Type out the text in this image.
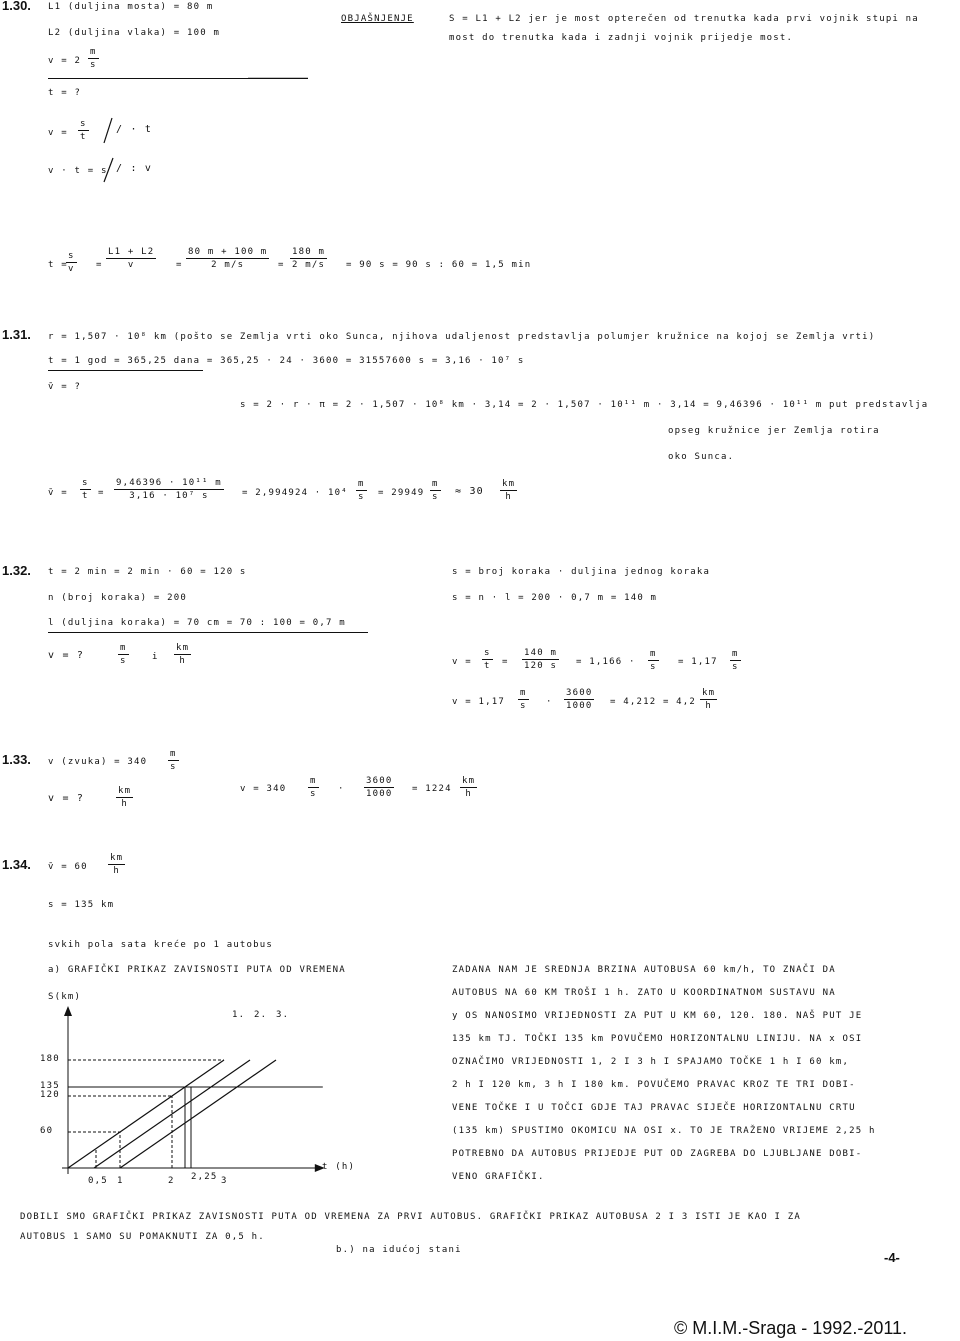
1.30. L1 (duljina mosta) = 80 m
L2 (duljina vlaka) = 100 m
$v = 2 \frac{m}{s}$
t = ?
OBJAŠNJENJE	S = L1 + L2 jer je most opterečen od trenutka kada prvi vojnik stupi na
most do trenutka kada i zadnji vojnik prijedje most.
$v = \frac{s}{t}$	/ · t
v · t = s / : v
t =
$\frac{s}{v} = \frac{L1 + L2}{v} = \frac{80 m + 100 m}{2 m/s} = \frac{180 m}{2 m/s} = 90$ s = 90 s : 60 = 1,5 min
1.31. r = 1,507 · 10⁸ km (pošto se Zemlja vrti oko Sunca, njihova udaljenost predstavlja polumjer kružnice na kojoj se Zemlja vrti)
t = 1 god = 365,25 dana = 365,25 · 24 · 3600 = 31557600 s = 3,16 · 10⁷ s
v̄ = ?
s = 2 · r · π = 2 · 1,507 · 10⁸ km · 3,14 = 2 · 1,507 · 10¹¹ m · 3,14 = 9,46396 · 10¹¹ m put predstavlja
opseg kružnice jer Zemlja rotira
oko Sunca.
v̄ = $\frac{s}{t} = \frac{\text{9,46396 · 10¹¹ m}}{\text{3,16 · 10⁷ s}} = 2,994924 \cdot 10^4 \frac{m}{s} = 29949 \frac{m}{s} \approx 30 \frac{km}{h}$
1.32. t = 2 min = 2 min · 60 = 120 s
n (broj koraka) = 200
l (duljina koraka) = 70 cm = 70 : 100 = 0,7 m
v = ?	$\frac{m}{s}$	i $\frac{km}{h}$
s = broj koraka · duljina jednog koraka
s = n · l = 200 · 0,7 m = 140 m
$v = \frac{s}{t} = \frac{140 m}{120 s} = 1,166 \cdot \frac{m}{s} = 1,17 \frac{m}{s}$
$v = 1,17 \frac{m}{s} \cdot \frac{3600}{1000} = 4,212 = 4,2 \frac{km}{h}$
1.33. v (zvuka) = $340 \frac{m}{s}$
v = ?	$\frac{km}{h}$	$v = 340 \frac{m}{s} \cdot \frac{3600}{1000} = 1224 \frac{km}{h}$
1.34. v̄ = $60 \frac{km}{h}$
s = 135 km
svkih pola sata kreće po 1 autobus
a) GRAFIČKI PRIKAZ ZAVISNOSTI PUTA OD VREMENA	ZADANA NAM JE SREDNJA BRZINA AUTOBUSA 60 km/h, TO ZNAČI DA
AUTOBUS NA 60 KM TROŠI 1 h. ZATO U KOORDINATNOM SUSTAVU NA
y OS NANOSIMO VRIJEDNOSTI ZA PUT U KM 60, 120. 180. NAŠ PUT JE
135 km TJ. TOČKI 135 km POVUČEMO HORIZONTALNU LINIJU. NA x OSI
OZNAČIMO VRIJEDNOSTI 1, 2 I 3 h I SPAJAMO TOČKE 1 h I 60 km,
2 h I 120 km, 3 h I 180 km. POVUČEMO PRAVAC KROZ TE TRI DOBI-
VENE TOČKE I U TOČCI GDJE TAJ PRAVAC SIJEČE HORIZONTALNU CRTU
(135 km) SPUSTIMO OKOMICU NA OSI x. TO JE TRAŽENO VRIJEME 2,25 h
POTREBNO DA AUTOBUS PRIJEDJE PUT OD ZAGREBA DO LJUBLJANE DOBI-
VENO GRAFIČKI.
S(km)
t (h)
180
135
120
60
0,5 1	2 2,25 3
1. 2. 3.
DOBILI SMO GRAFIČKI PRIKAZ ZAVISNOSTI PUTA OD VREMENA ZA PRVI AUTOBUS. GRAFIČKI PRIKAZ AUTOBUSA 2 I 3 ISTI JE KAO I ZA
AUTOBUS 1 SAMO SU POMAKNUTI ZA 0,5 h.
b.) na idućoj stani	-4-
© M.I.M.-Sraga - 1992.-2011.
